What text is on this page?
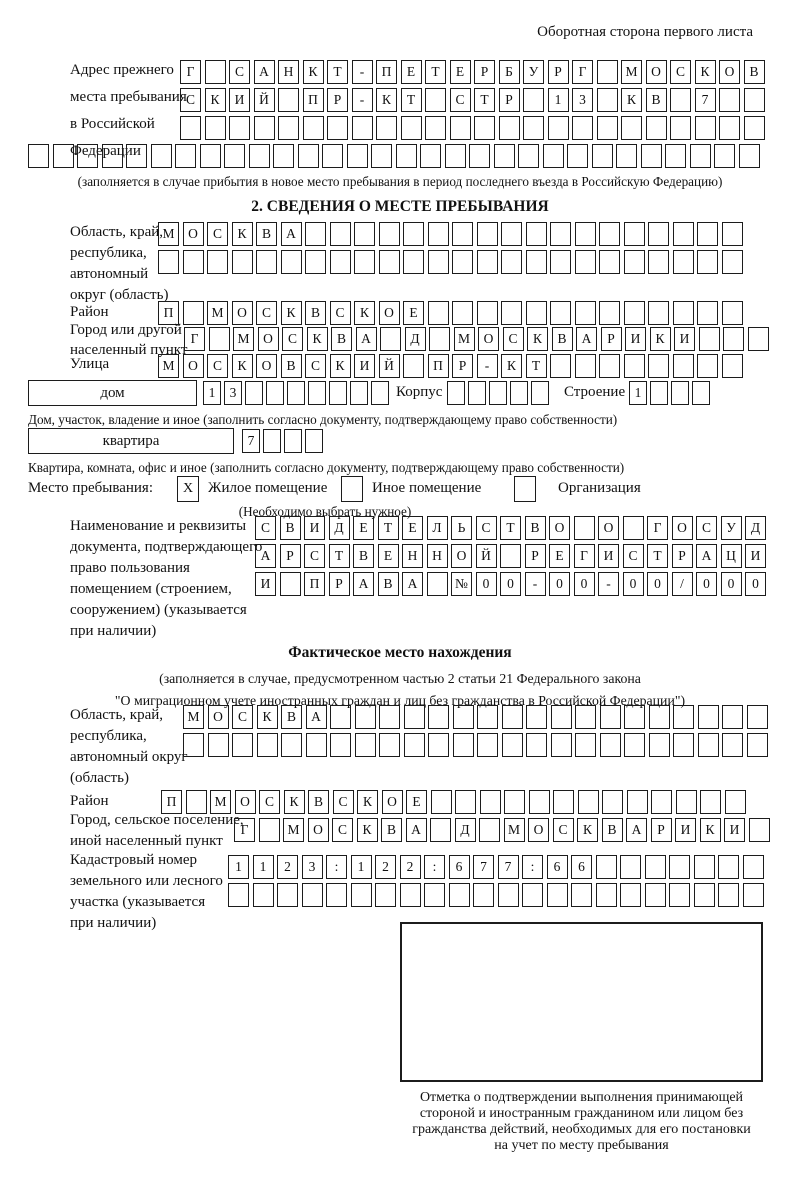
Оборотная сторона первого листа
Адрес прежнего
места пребывания
в Российской
Федерации
Г	С	А	Н	К	Т	-	П	Е	Т	Е	Р	Б	У	Р	Г	М	О	С	К	О	В
С	К	И	Й	П	Р	-	К	Т	С	Т	Р	1	3	К	В	7
(заполняется в случае прибытия в новое место пребывания в период последнего въезда в Российскую Федерацию)
2. СВЕДЕНИЯ О МЕСТЕ ПРЕБЫВАНИЯ
Область, край,
республика,
автономный
округ (область)
М	О	С	К	В	А
Район	П	М	О	С	К	В	С	К	О	Е
Город или другой
населенный пункт
Г	М	О	С	К	В	А	Д	М	О	С	К	В	А	Р	И	К	И
Улица	М	О	С	К	О	В	С	К	И	Й	П	Р	-	К	Т
дом	1	3	Корпус	Строение 1
Дом, участок, владение и иное (заполнить согласно документу, подтверждающему право собственности)
квартира	7
Квартира, комната, офис и иное (заполнить согласно документу, подтверждающему право собственности)
Место пребывания: X Жилое помещение	Иное помещение	Организация
(Необходимо выбрать нужное)
Наименование и реквизиты
документа, подтверждающего
право пользования
помещением (строением,
сооружением) (указывается
при наличии)
С	В	И	Д	Е	Т	Е	Л	Ь	С	Т	В	О	О	Г	О	С	У	Д
А	Р	С	Т	В	Е	Н	Н	О	Й	Р	Е	Г	И	С	Т	Р	А	Ц	И
И	П	Р	А	В	А	№	0	0	-	0	0	-	0	0	/	0	0	0
Фактическое место нахождения
(заполняется в случае, предусмотренном частью 2 статьи 21 Федерального закона
"О миграционном учете иностранных граждан и лиц без гражданства в Российской Федерации")
Область, край,
республика,
автономный округ
(область)
М	О	С	К	В	А
Район	П	М	О	С	К	В	С	К	О	Е
Город, сельское поселение,
иной населенный пункт
Г	М	О	С	К	В	А	Д	М	О	С	К	В	А	Р	И	К	И
Кадастровый номер
земельного или лесного
участка (указывается
при наличии)
1	1	2	3	:	1	2	2	:	6	7	7	:	6	6
Отметка о подтверждении выполнения принимающей
стороной и иностранным гражданином или лицом без
гражданства действий, необходимых для его постановки
на учет по месту пребывания
